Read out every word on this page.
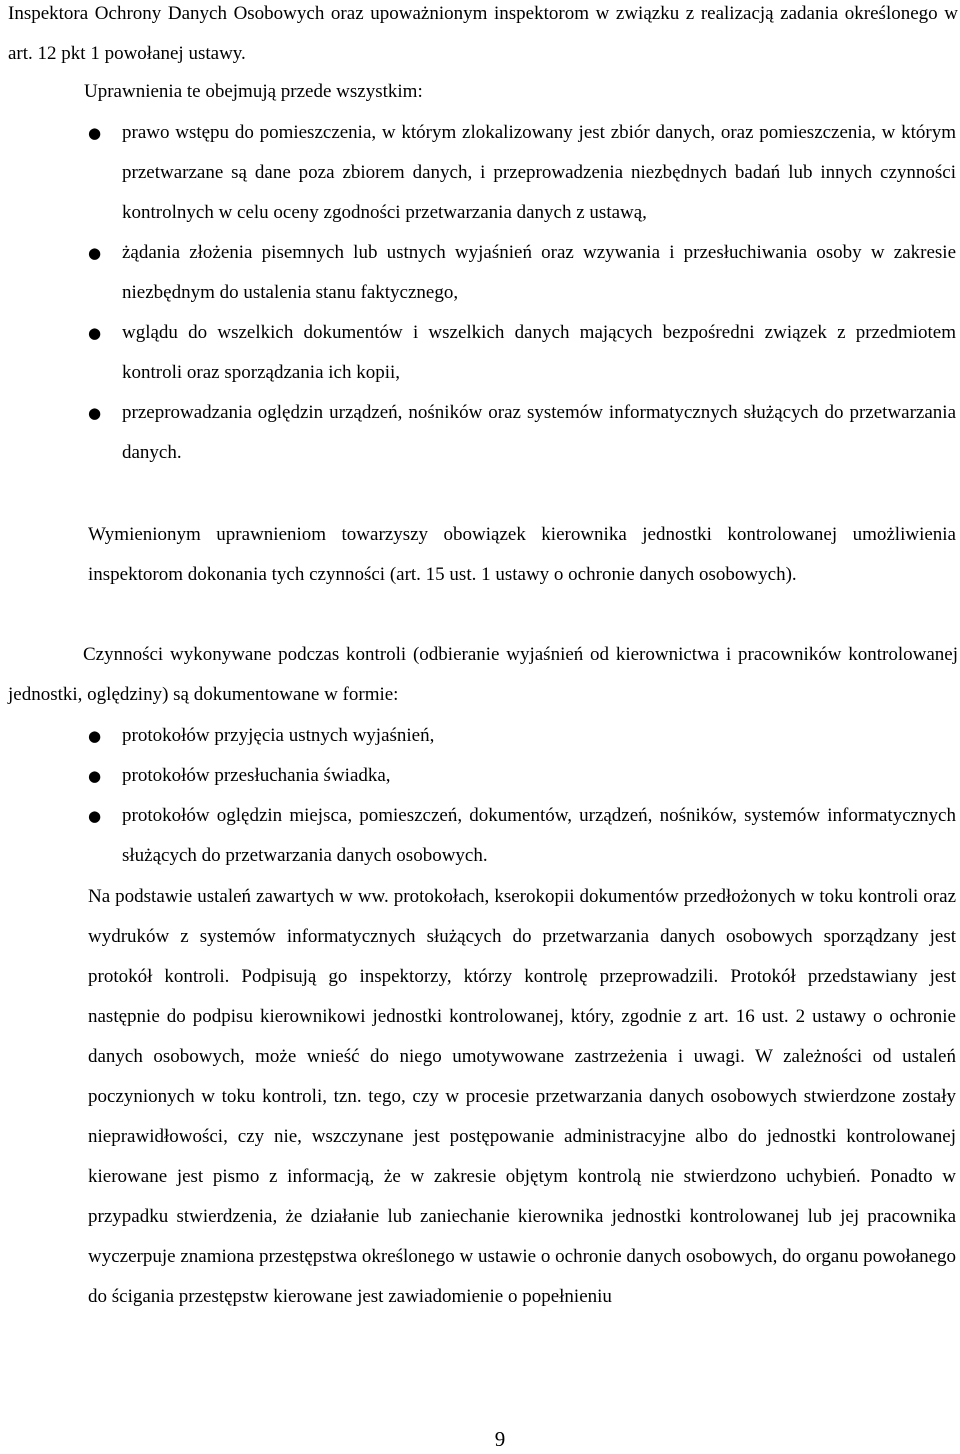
Inspektora Ochrony Danych Osobowych oraz upoważnionym inspektorom w związku z realizacją zadania określonego w art. 12 pkt 1 powołanej ustawy.

Uprawnienia te obejmują przede wszystkim:

● prawo wstępu do pomieszczenia, w którym zlokalizowany jest zbiór danych, oraz pomieszczenia, w którym przetwarzane są dane poza zbiorem danych, i przeprowadzenia niezbędnych badań lub innych czynności kontrolnych w celu oceny zgodności przetwarzania danych z ustawą,
● żądania złożenia pisemnych lub ustnych wyjaśnień oraz wzywania i przesłuchiwania osoby w zakresie niezbędnym do ustalenia stanu faktycznego,
● wglądu do wszelkich dokumentów i wszelkich danych mających bezpośredni związek z przedmiotem kontroli oraz sporządzania ich kopii,
● przeprowadzania oględzin urządzeń, nośników oraz systemów informatycznych służących do przetwarzania danych.

Wymienionym uprawnieniom towarzyszy obowiązek kierownika jednostki kontrolowanej umożliwienia inspektorom dokonania tych czynności (art. 15 ust. 1 ustawy o ochronie danych osobowych).

Czynności wykonywane podczas kontroli (odbieranie wyjaśnień od kierownictwa i pracowników kontrolowanej jednostki, oględziny) są dokumentowane w formie:

● protokołów przyjęcia ustnych wyjaśnień,
● protokołów przesłuchania świadka,
● protokołów oględzin miejsca, pomieszczeń, dokumentów, urządzeń, nośników, systemów informatycznych służących do przetwarzania danych osobowych.

Na podstawie ustaleń zawartych w ww. protokołach, kserokopii dokumentów przedłożonych w toku kontroli oraz wydruków z systemów informatycznych służących do przetwarzania danych osobowych sporządzany jest protokół kontroli. Podpisują go inspektorzy, którzy kontrolę przeprowadzili. Protokół przedstawiany jest następnie do podpisu kierownikowi jednostki kontrolowanej, który, zgodnie z art. 16 ust. 2 ustawy o ochronie danych osobowych, może wnieść do niego umotywowane zastrzeżenia i uwagi. W zależności od ustaleń poczynionych w toku kontroli, tzn. tego, czy w procesie przetwarzania danych osobowych stwierdzone zostały nieprawidłowości, czy nie, wszczynane jest postępowanie administracyjne albo do jednostki kontrolowanej kierowane jest pismo z informacją, że w zakresie objętym kontrolą nie stwierdzono uchybień. Ponadto w przypadku stwierdzenia, że działanie lub zaniechanie kierownika jednostki kontrolowanej lub jej pracownika wyczerpuje znamiona przestępstwa określonego w ustawie o ochronie danych osobowych, do organu powołanego do ścigania przestępstw kierowane jest zawiadomienie o popełnieniu

9
